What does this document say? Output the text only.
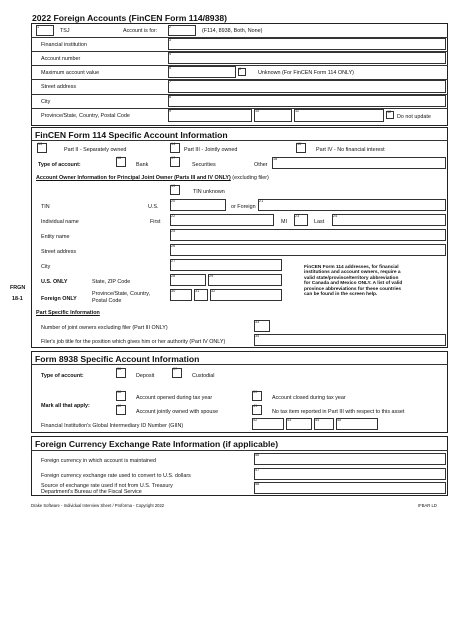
2022 Foreign Accounts (FinCEN Form 114/8938)
FRGN
18-1
1
TSJ	Account is for:
2
(F114, 8938, Both, None)
Financial institution
3
Account number
4
Maximum account value
5	6
Unknown (For FinCEN Form 114 ONLY)
Street address
7
City
8
Province/State, Country, Postal Code
9	10	11	12
Do not update
FinCEN Form 114 Specific Account Information
13
Part II - Separately owned
14
Part III - Jointly owned
15
Part IV - No financial interest
Type of account:
16
Bank
17
Securities	Other
18
Account Owner Information for Principal Joint Owner (Parts III and IV ONLY) (excluding filer)
19
TIN unknown
TIN	U.S.
20
or Foreign
21
Individual name	First
22
MI
23
Last
24
Entity name
25
Street address
26
City
27
U.S. ONLY	State, ZIP Code
28	29
Foreign ONLY
Province/State, Country,
Postal Code
30	31	32
FinCEN Form 114 addresses, for financial
institutions and account owners, require a
valid state/province/territory abbreviation
for Canada and Mexico ONLY. A list of valid
province abbreviations for these countries
can be found in the screen help.
Part Specific Information
Number of joint owners excluding filer (Part III ONLY)
33
Filer's job title for the position which gives him or her authority (Part IV ONLY)
34
Form 8938 Specific Account Information
Type of account:
36
Deposit
37
Custodial
Mark all that apply:
38
Account opened during tax year
39
Account closed during tax year
40
Account jointly owned with spouse
41
No tax item reported in Part III with respect to this asset
Financial Institution's Global Intermediary ID Number (GIIN)
42	43	44	45
Foreign Currency Exchange Rate Information (if applicable)
Foreign currency in which account is maintained
46
Foreign currency exchange rate used to convert to U.S. dollars
47
Source of exchange rate used if not from U.S. Treasury
Department's Bureau of the Fiscal Service
48
Drake Software - Individual Interview Sheet / Proforma - Copyright 2022	IFBAR LD
